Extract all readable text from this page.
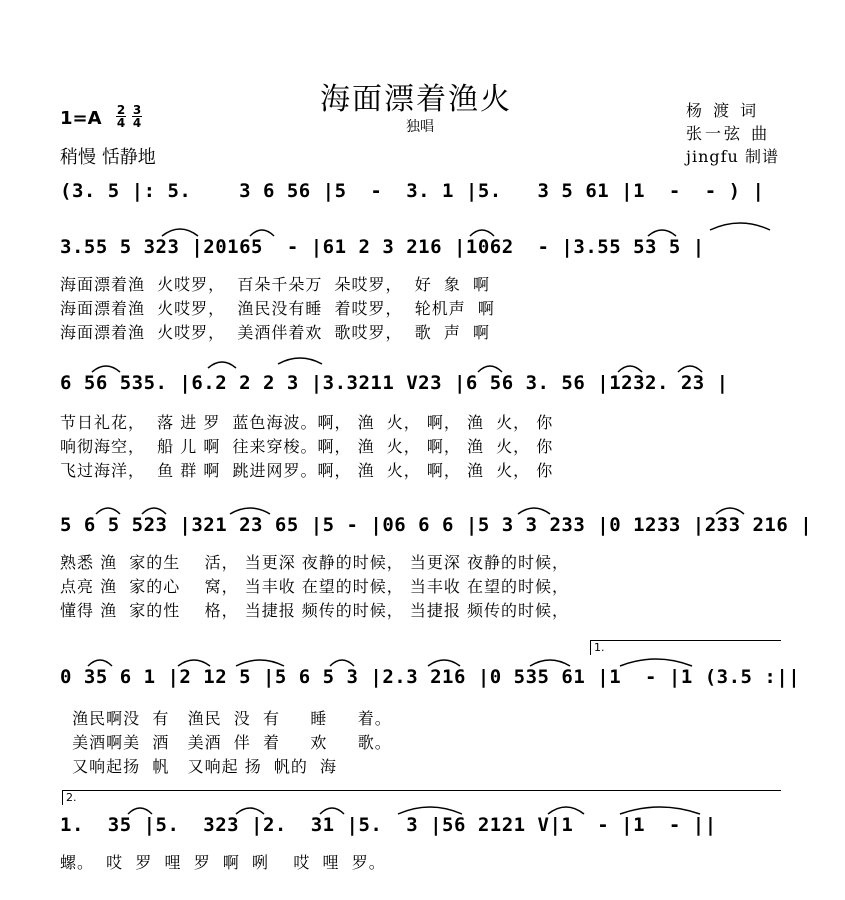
海面漂着渔火
独唱
1=A 2
4
3
4
稍慢 恬静地
杨 渡 词
张一弦 曲
jingfu 制谱
(3. 5 |: 5.    3 6 56 |5  -  3. 1 |5.   3 5 61 |1  -  - ) |
3.55 5 323 |20165  - |61 2 3 216 |1062  - |3.55 53 5 |
海面漂着渔  火哎罗，  百朵千朵万  朵哎罗，  好  象  啊
海面漂着渔  火哎罗，  渔民没有睡  着哎罗，  轮机声  啊
海面漂着渔  火哎罗，  美酒伴着欢  歌哎罗，  歌  声  啊
6 56 535. |6.2 2 2 3 |3.3211 V23 |6 56 3. 56 |1232. 23 |
节日礼花，  落 进 罗  蓝色海波。啊， 渔  火， 啊， 渔  火， 你
响彻海空，  船 儿 啊  往来穿梭。啊， 渔  火， 啊， 渔  火， 你
飞过海洋，  鱼 群 啊  跳进网罗。啊， 渔  火， 啊， 渔  火， 你
5 6 5 523 |321 23 65 |5 - |06 6 6 |5 3 3 233 |0 1233 |233 216 |
熟悉 渔  家的生    活， 当更深 夜静的时候， 当更深 夜静的时候，
点亮 渔  家的心    窝， 当丰收 在望的时候， 当丰收 在望的时候，
懂得 渔  家的性    格， 当捷报 频传的时候， 当捷报 频传的时候，
1.
0 35 6 1 |2 12 5 |5 6 5 3 |2.3 216 |0 535 61 |1  - |1 (3.5 :||
渔民啊没  有   渔民  没  有     睡     着。
美酒啊美  酒   美酒  伴  着     欢     歌。
又响起扬  帆   又响起 扬  帆的  海
2.
1.  35 |5.  323 |2.  31 |5.  3 |56 2121 V|1  - |1  - ||
螺。  哎  罗  哩  罗  啊  咧    哎  哩  罗。
